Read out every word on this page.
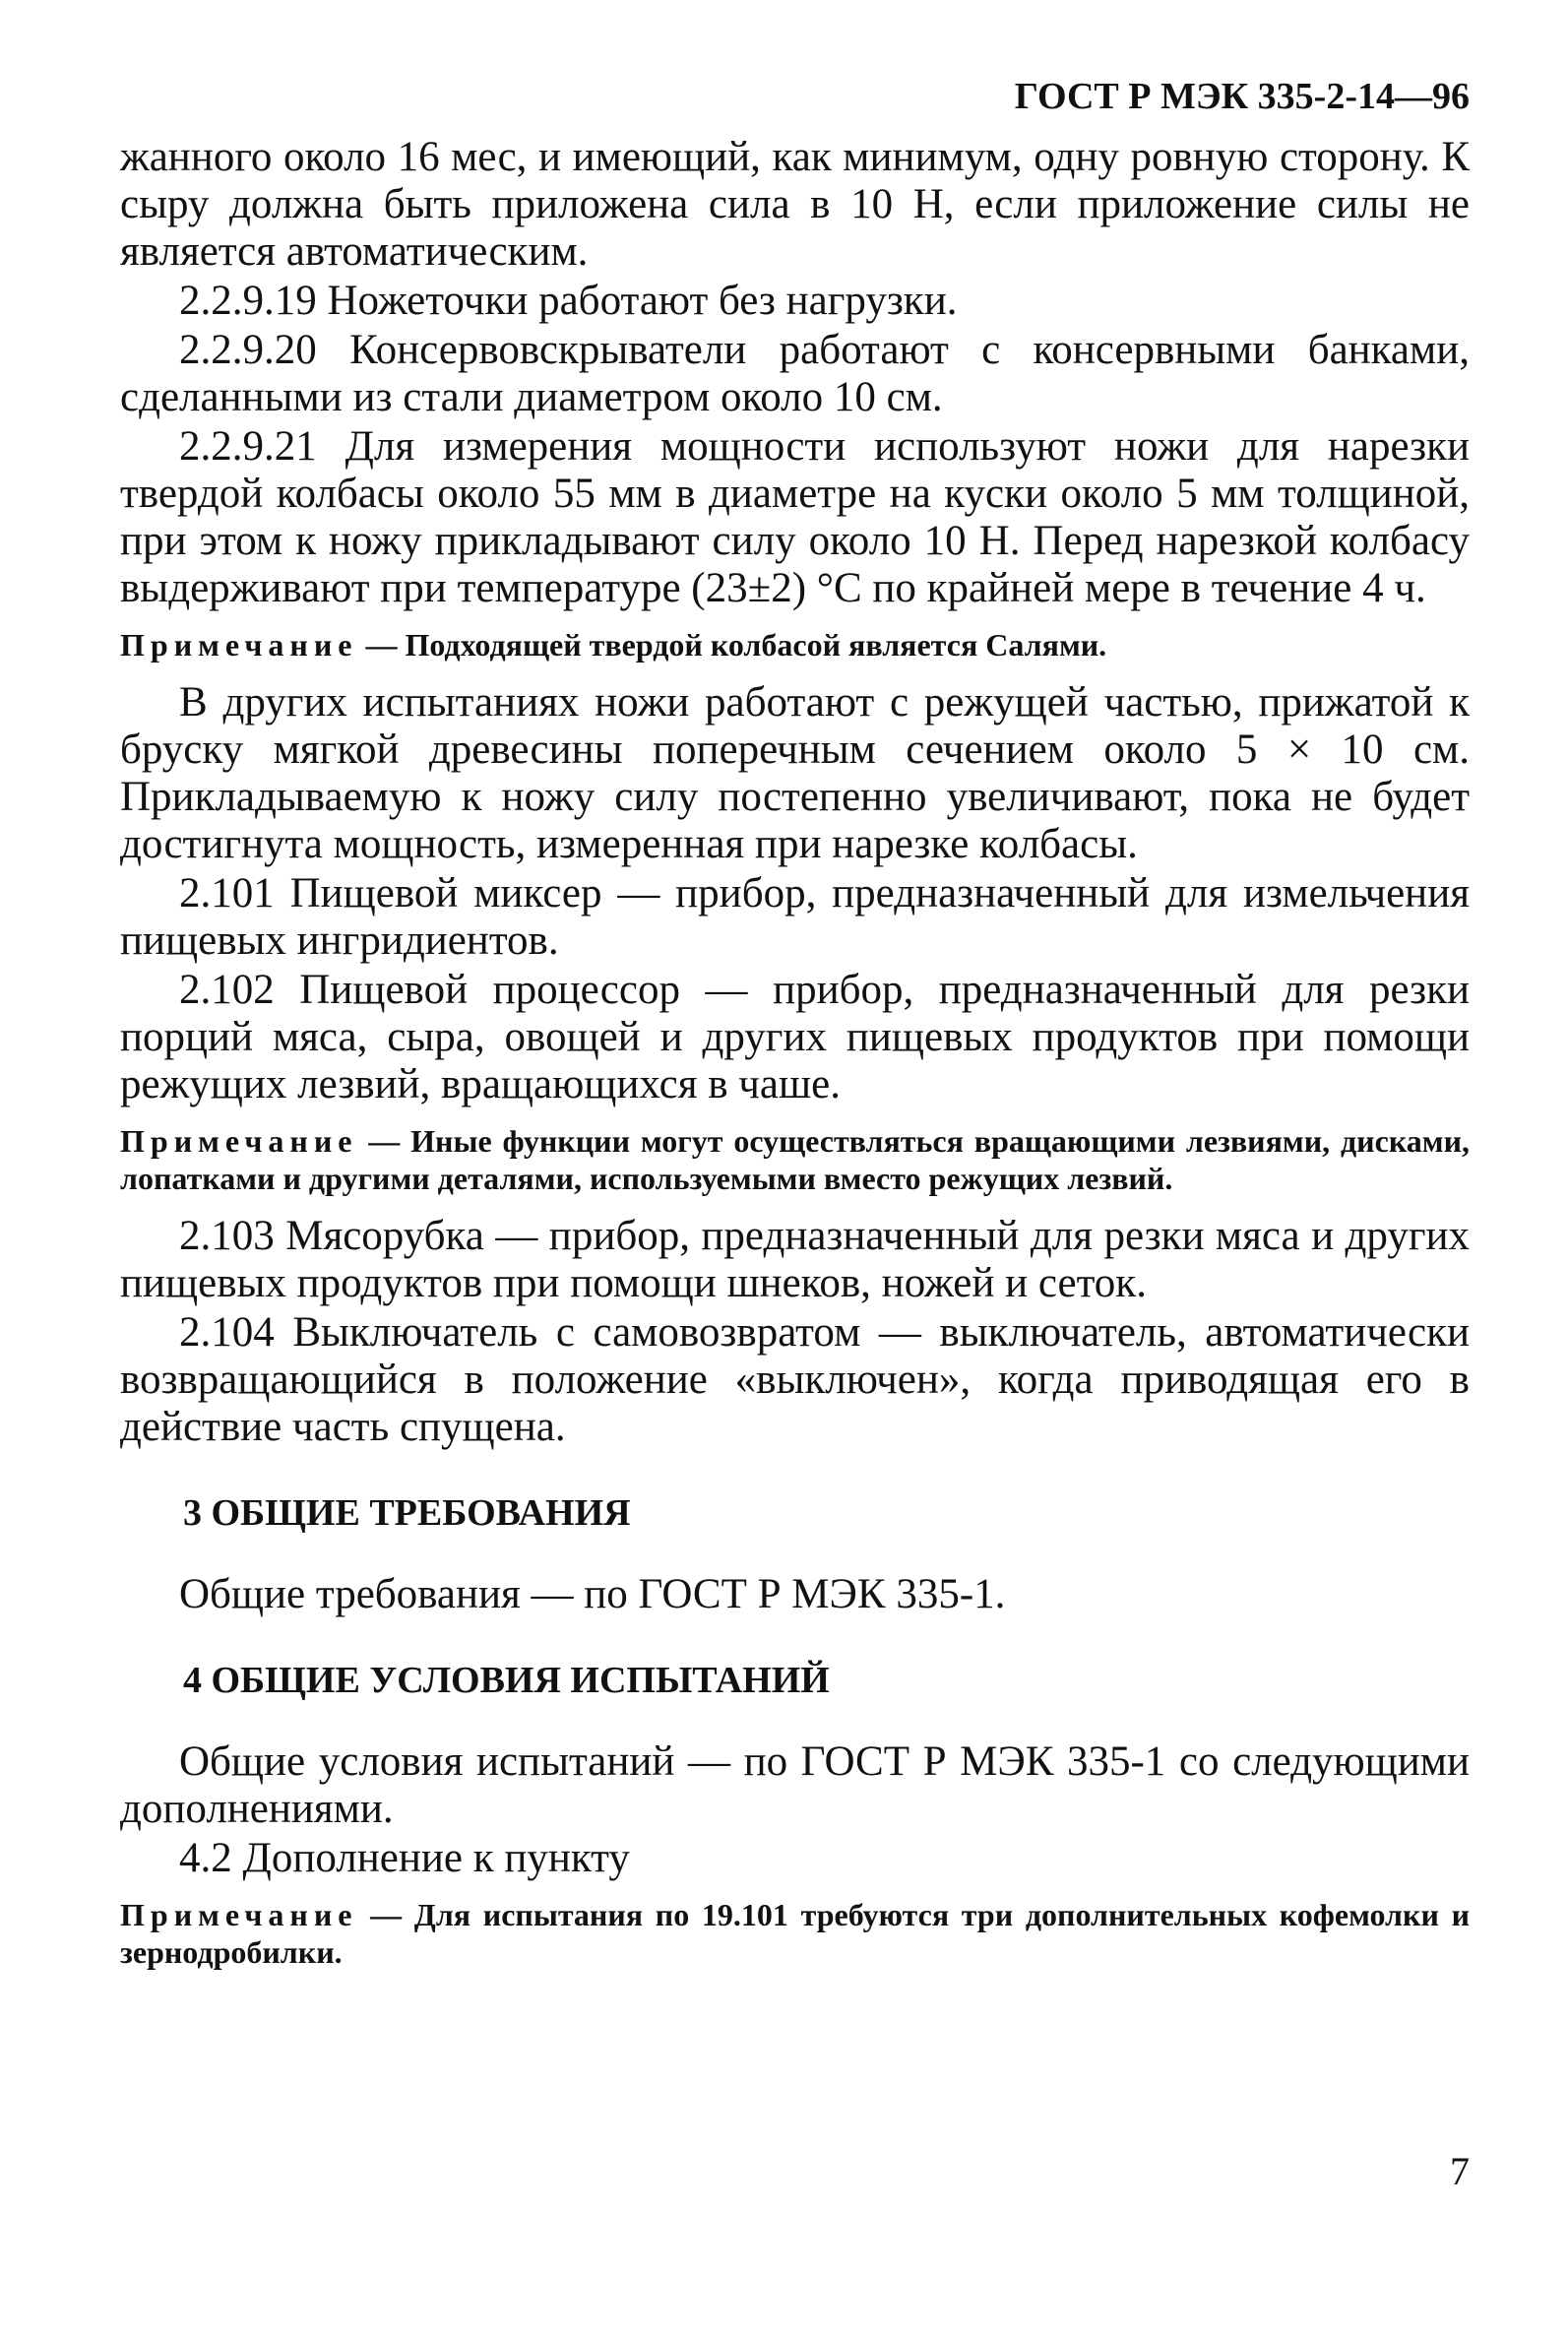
ГОСТ Р МЭК 335-2-14—96

жанного около 16 мес, и имеющий, как минимум, одну ровную сторону. К сыру должна быть приложена сила в 10 Н, если приложение силы не является автоматическим.

2.2.9.19 Ножеточки работают без нагрузки.

2.2.9.20 Консервовскрыватели работают с консервными банками, сделанными из стали диаметром около 10 см.

2.2.9.21 Для измерения мощности используют ножи для нарезки твердой колбасы около 55 мм в диаметре на куски около 5 мм толщиной, при этом к ножу прикладывают силу около 10 Н. Перед нарезкой колбасу выдерживают при температуре (23±2) °С по крайней мере в течение 4 ч.

Примечание — Подходящей твердой колбасой является Салями.

В других испытаниях ножи работают с режущей частью, прижатой к бруску мягкой древесины поперечным сечением около 5 × 10 см. Прикладываемую к ножу силу постепенно увеличивают, пока не будет достигнута мощность, измеренная при нарезке колбасы.

2.101 Пищевой миксер — прибор, предназначенный для измельчения пищевых ингридиентов.

2.102 Пищевой процессор — прибор, предназначенный для резки порций мяса, сыра, овощей и других пищевых продуктов при помощи режущих лезвий, вращающихся в чаше.

Примечание — Иные функции могут осуществляться вращающими лезвиями, дисками, лопатками и другими деталями, используемыми вместо режущих лезвий.

2.103 Мясорубка — прибор, предназначенный для резки мяса и других пищевых продуктов при помощи шнеков, ножей и сеток.

2.104 Выключатель с самовозвратом — выключатель, автоматически возвращающийся в положение «выключен», когда приводящая его в действие часть спущена.

3 ОБЩИЕ ТРЕБОВАНИЯ

Общие требования — по ГОСТ Р МЭК 335-1.

4 ОБЩИЕ УСЛОВИЯ ИСПЫТАНИЙ

Общие условия испытаний — по ГОСТ Р МЭК 335-1 со следующими дополнениями.

4.2 Дополнение к пункту

Примечание — Для испытания по 19.101 требуются три дополнительных кофемолки и зернодробилки.

7
